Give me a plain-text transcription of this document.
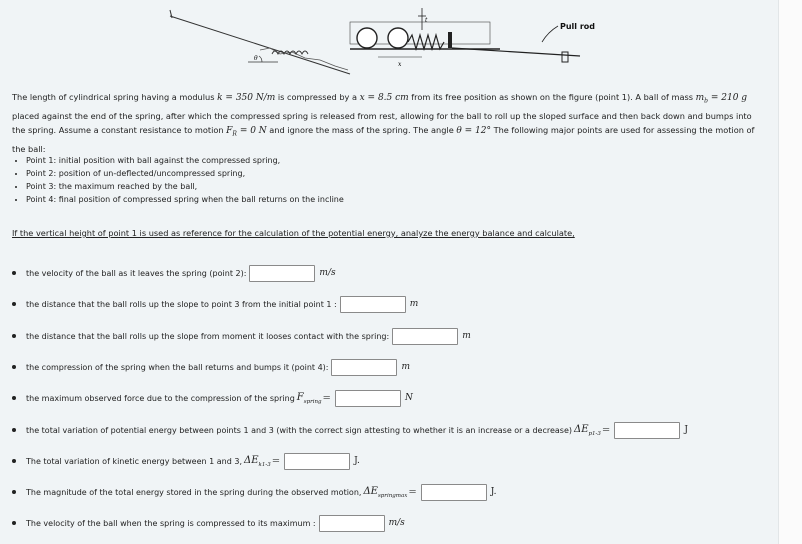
θ
t
x
Pull rod
The length of cylindrical spring having a modulus k = 350 N/m is compressed by a x = 8.5 cm from its free position as shown on the figure (point 1). A ball of mass $m_b = 210$ g placed against the end of the spring, after which the compressed spring is released from rest, allowing for the ball to roll up the sloped surface and then back down and bumps into the spring. Assume a constant resistance to motion $F_R = 0$ N and ignore the mass of the spring. The angle θ = 12° The following major points are used for assessing the motion of the ball:
• Point 1: initial position with ball against the compressed spring,
• Point 2: position of un-deflected/uncompressed spring,
• Point 3: the maximum reached by the ball,
• Point 4: final position of compressed spring when the ball returns on the incline
If the vertical height of point 1 is used as reference for the calculation of the potential energy, analyze the energy balance and calculate,
the velocity of the ball as it leaves the spring (point 2):	m/s
the distance that the ball rolls up the slope to point 3 from the initial point 1 :	m
the distance that the ball rolls up the slope from moment it looses contact with the spring:	m
the compression of the spring when the ball returns and bumps it (point 4):	m
the maximum observed force due to the compression of the spring $F_{spring}$ =	N
the total variation of potential energy between points 1 and 3 (with the correct sign attesting to whether it is an increase or a decrease) $\Delta E_{p1-3}$ =	J
The total variation of kinetic energy between 1 and 3, $\Delta E_{k1-3}$ =	J.
The magnitude of the total energy stored in the spring during the observed motion, $\Delta E_{springmax}$ =	J.
The velocity of the ball when the spring is compressed to its maximum :	m/s
